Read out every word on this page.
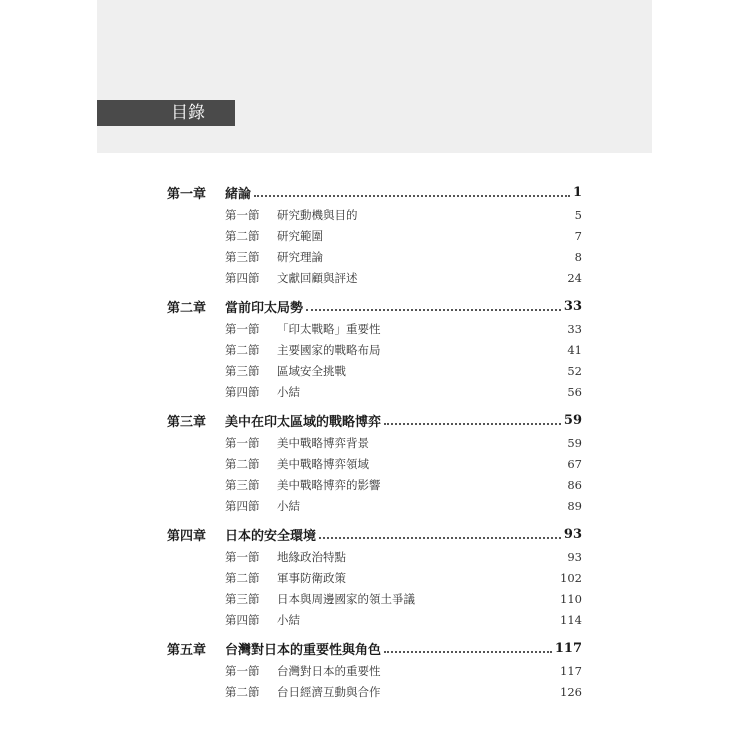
目錄
第一章	緒論	1
第一節	研究動機與目的	5
第二節	研究範圍	7
第三節	研究理論	8
第四節	文獻回顧與評述	24
第二章	當前印太局勢	33
第一節	「印太戰略」重要性	33
第二節	主要國家的戰略布局	41
第三節	區域安全挑戰	52
第四節	小結	56
第三章	美中在印太區域的戰略博弈	59
第一節	美中戰略博弈背景	59
第二節	美中戰略博弈領域	67
第三節	美中戰略博弈的影響	86
第四節	小結	89
第四章	日本的安全環境	93
第一節	地緣政治特點	93
第二節	軍事防衛政策	102
第三節	日本與周邊國家的領土爭議	110
第四節	小結	114
第五章	台灣對日本的重要性與角色	117
第一節	台灣對日本的重要性	117
第二節	台日經濟互動與合作	126
